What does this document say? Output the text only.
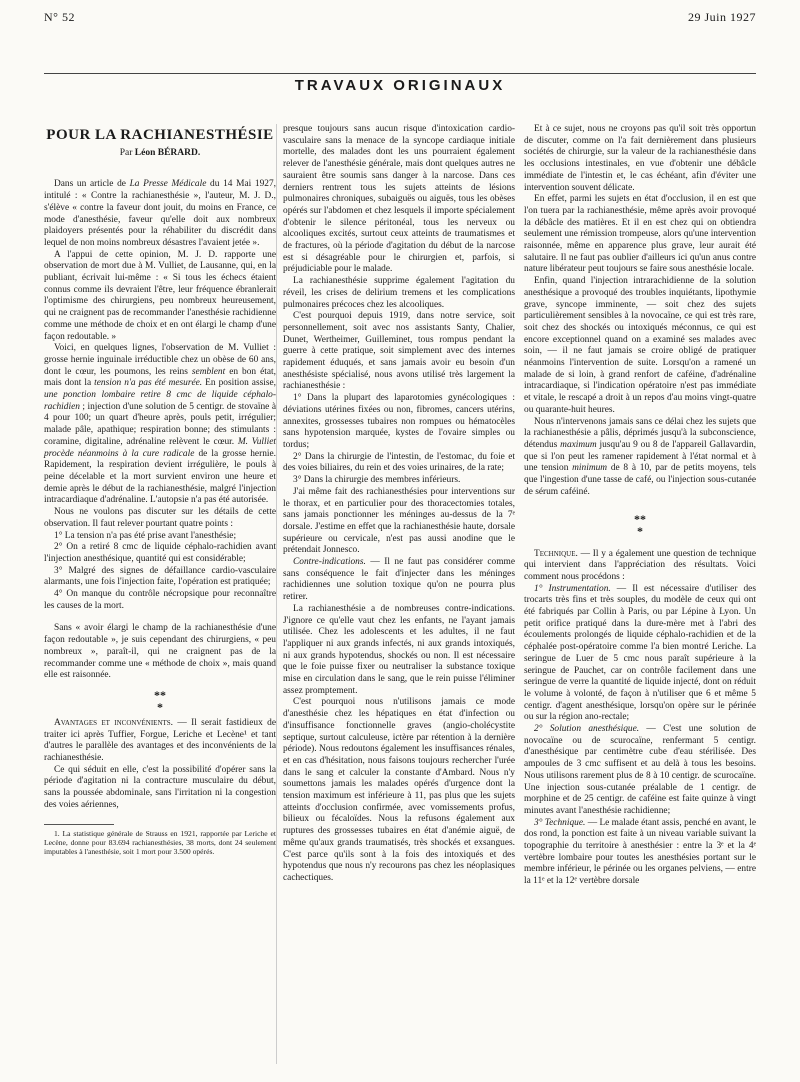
N° 52	29 Juin 1927
TRAVAUX ORIGINAUX
POUR LA RACHIANESTHÉSIE
Par Léon BÉRARD.

Dans un article de La Presse Médicale du 14 Mai 1927, intitulé : « Contre la rachianesthésie », l'auteur, M. J. D., s'élève « contre la faveur dont jouit, du moins en France, ce mode d'anesthésie, faveur qu'elle doit aux nombreux plaidoyers présentés pour la réhabiliter du discrédit dans lequel de non moins nombreux désastres l'avaient jetée ».

A l'appui de cette opinion, M. J. D. rapporte une observation de mort due à M. Vulliet, de Lausanne, qui, en la publiant, écrivait lui-même : « Si tous les échecs étaient connus comme ils devraient l'être, leur fréquence ébranlerait l'optimisme des chirurgiens, peu nombreux heureusement, qui ne craignent pas de recommander l'anesthésie rachidienne comme une méthode de choix et en ont élargi le champ d'une façon redoutable. »

Voici, en quelques lignes, l'observation de M. Vulliet : grosse hernie inguinale irréductible chez un obèse de 60 ans, dont le cœur, les poumons, les reins semblent en bon état, mais dont la tension n'a pas été mesurée. En position assise, une ponction lombaire retire 8 cmc de liquide céphalo-rachidien ; injection d'une solution de 5 centigr. de stovaïne à 4 pour 100; un quart d'heure après, pouls petit, irrégulier; malade pâle, apathique; respiration bonne; des stimulants : coramine, digitaline, adrénaline relèvent le cœur. M. Vulliet procède néanmoins à la cure radicale de la grosse hernie. Rapidement, la respiration devient irrégulière, le pouls à peine décelable et la mort survient environ une heure et demie après le début de la rachianesthésie, malgré l'injection intracardiaque d'adrénaline. L'autopsie n'a pas été autorisée.

Nous ne voulons pas discuter sur les détails de cette observation. Il faut relever pourtant quatre points :

1° La tension n'a pas été prise avant l'anesthésie;

2° On a retiré 8 cmc de liquide céphalo-rachidien avant l'injection anesthésique, quantité qui est considérable;

3° Malgré des signes de défaillance cardio-vasculaire alarmants, une fois l'injection faite, l'opération est pratiquée;

4° On manque du contrôle nécropsique pour reconnaître les causes de la mort.

Sans « avoir élargi le champ de la rachianesthésie d'une façon redoutable », je suis cependant des chirurgiens, « peu nombreux », paraît-il, qui ne craignent pas de la recommander comme une « méthode de choix », mais quand elle est raisonnée.

**
*

Avantages et inconvénients. — Il serait fastidieux de traiter ici après Tuffier, Forgue, Leriche et Lecène¹ et tant d'autres le parallèle des avantages et des inconvénients de la rachianesthésie.

Ce qui séduit en elle, c'est la possibilité d'opérer sans la période d'agitation ni la contracture musculaire du début, sans la poussée abdominale, sans l'irritation ni la congestion des voies aériennes,

1. La statistique générale de Strauss en 1921, rapportée par Leriche et Lecène, donne pour 83.694 rachianesthésies, 38 morts, dont 24 seulement imputables à l'anesthésie, soit 1 mort pour 3.500 opérés.

presque toujours sans aucun risque d'intoxication cardio-vasculaire sans la menace de la syncope cardiaque initiale mortelle, des malades dont les uns pourraient également relever de l'anesthésie générale, mais dont quelques autres ne sauraient être soumis sans danger à la narcose. Dans ces derniers rentrent tous les sujets atteints de lésions pulmonaires chroniques, subaiguës ou aiguës, tous les obèses opérés sur l'abdomen et chez lesquels il importe spécialement d'obtenir le silence péritonéal, tous les nerveux ou alcooliques excités, surtout ceux atteints de traumatismes et de fractures, où la période d'agitation du début de la narcose est si désagréable pour le chirurgien et, parfois, si préjudiciable pour le malade.

La rachianesthésie supprime également l'agitation du réveil, les crises de delirium tremens et les complications pulmonaires précoces chez les alcooliques.

C'est pourquoi depuis 1919, dans notre service, soit personnellement, soit avec nos assistants Santy, Chalier, Dunet, Wertheimer, Guilleminet, tous rompus pendant la guerre à cette pratique, soit simplement avec des internes rapidement éduqués, et sans jamais avoir eu besoin d'un anesthésiste spécialisé, nous avons utilisé très largement la rachianesthésie :

1° Dans la plupart des laparotomies gynécologiques : déviations utérines fixées ou non, fibromes, cancers utérins, annexites, grossesses tubaires non rompues ou hématocèles sans hypotension marquée, kystes de l'ovaire simples ou tordus;

2° Dans la chirurgie de l'intestin, de l'estomac, du foie et des voies biliaires, du rein et des voies urinaires, de la rate;

3° Dans la chirurgie des membres inférieurs.

J'ai même fait des rachianesthésies pour interventions sur le thorax, et en particulier pour des thoracectomies totales, sans jamais ponctionner les méninges au-dessus de la 7ᵉ dorsale. J'estime en effet que la rachianesthésie haute, dorsale supérieure ou cervicale, n'est pas aussi anodine que le prétendait Jonnesco.

Contre-indications. — Il ne faut pas considérer comme sans conséquence le fait d'injecter dans les méninges rachidiennes une solution toxique qu'on ne pourra plus retirer.

La rachianesthésie a de nombreuses contre-indications. J'ignore ce qu'elle vaut chez les enfants, ne l'ayant jamais utilisée. Chez les adolescents et les adultes, il ne faut l'appliquer ni aux grands infectés, ni aux grands intoxiqués, ni aux grands hypotendus, shockés ou non. Il est nécessaire que le foie puisse fixer ou neutraliser la substance toxique mise en circulation dans le sang, que le rein puisse l'éliminer assez promptement.

C'est pourquoi nous n'utilisons jamais ce mode d'anesthésie chez les hépatiques en état d'infection ou d'insuffisance fonctionnelle graves (angio-cholécystite septique, surtout calculeuse, ictère par rétention à la dernière période). Nous redoutons également les insuffisances rénales, et en cas d'hésitation, nous faisons toujours rechercher l'urée dans le sang et calculer la constante d'Ambard. Nous n'y soumettons jamais les malades opérés d'urgence dont la tension maximum est inférieure à 11, pas plus que les sujets atteints d'occlusion confirmée, avec vomissements profus, bilieux ou fécaloïdes. Nous la refusons également aux ruptures des grossesses tubaires en état d'anémie aiguë, de même qu'aux grands traumatisés, très shockés et exsangues. C'est parce qu'ils sont à la fois des intoxiqués et des hypotendus que nous n'y recourons pas chez les néoplasiques cachectiques.

Et à ce sujet, nous ne croyons pas qu'il soit très opportun de discuter, comme on l'a fait dernièrement dans plusieurs sociétés de chirurgie, sur la valeur de la rachianesthésie dans les occlusions intestinales, en vue d'obtenir une débâcle immédiate de l'intestin et, le cas échéant, afin d'éviter une intervention souvent délicate.

En effet, parmi les sujets en état d'occlusion, il en est que l'on tuera par la rachianesthésie, même après avoir provoqué la débâcle des matières. Et il en est chez qui on obtiendra seulement une rémission trompeuse, alors qu'une intervention raisonnée, même en apparence plus grave, leur aurait été salutaire. Il ne faut pas oublier d'ailleurs ici qu'un anus contre nature libérateur peut toujours se faire sous anesthésie locale.

Enfin, quand l'injection intrarachidienne de la solution anesthésique a provoqué des troubles inquiétants, lipothymie grave, syncope imminente, — soit chez des sujets particulièrement sensibles à la novocaïne, ce qui est très rare, soit chez des shockés ou intoxiqués méconnus, ce qui est encore exceptionnel quand on a examiné ses malades avec soin, — il ne faut jamais se croire obligé de pratiquer néanmoins l'intervention de suite. Lorsqu'on a ramené un malade de si loin, à grand renfort de caféine, d'adrénaline intracardiaque, si l'indication opératoire n'est pas immédiate et vitale, le rescapé a droit à un repos d'au moins vingt-quatre ou quarante-huit heures.

Nous n'intervenons jamais sans ce délai chez les sujets que la rachianesthésie a pâlis, déprimés jusqu'à la subconscience, détendus maximum jusqu'au 9 ou 8 de l'appareil Gallavardin, que si l'on peut les ramener rapidement à l'état normal et à une tension minimum de 8 à 10, par de petits moyens, tels que l'ingestion d'une tasse de café, ou l'injection sous-cutanée de sérum caféiné.

**
*

Technique. — Il y a également une question de technique qui intervient dans l'appréciation des résultats. Voici comment nous procédons :

1° Instrumentation. — Il est nécessaire d'utiliser des trocarts très fins et très souples, du modèle de ceux qui ont été fabriqués par Collin à Paris, ou par Lépine à Lyon. Un petit orifice pratiqué dans la dure-mère met à l'abri des écoulements prolongés de liquide céphalo-rachidien et de la céphalée post-opératoire comme l'a bien montré Leriche. La seringue de Luer de 5 cmc nous paraît supérieure à la seringue de Pauchet, car on contrôle facilement dans une seringue de verre la quantité de liquide injecté, dont on réduit le volume à volonté, de façon à n'utiliser que 6 et même 5 centigr. d'agent anesthésique, lorsqu'on opère sur le périnée ou sur la région ano-rectale;

2° Solution anesthésique. — C'est une solution de novocaïne ou de scurocaïne, renfermant 5 centigr. d'anesthésique par centimètre cube d'eau stérilisée. Des ampoules de 3 cmc suffisent et au delà à tous les besoins. Nous utilisons rarement plus de 8 à 10 centigr. de scurocaïne. Une injection sous-cutanée préalable de 1 centigr. de morphine et de 25 centigr. de caféine est faite quinze à vingt minutes avant l'anesthésie rachidienne;

3° Technique. — Le malade étant assis, penché en avant, le dos rond, la ponction est faite à un niveau variable suivant la topographie du territoire à anesthésier : entre la 3ᵉ et la 4ᵉ vertèbre lombaire pour toutes les anesthésies portant sur le membre inférieur, le périnée ou les organes pelviens, — entre la 11ᵉ et la 12ᵉ vertèbre dorsale
